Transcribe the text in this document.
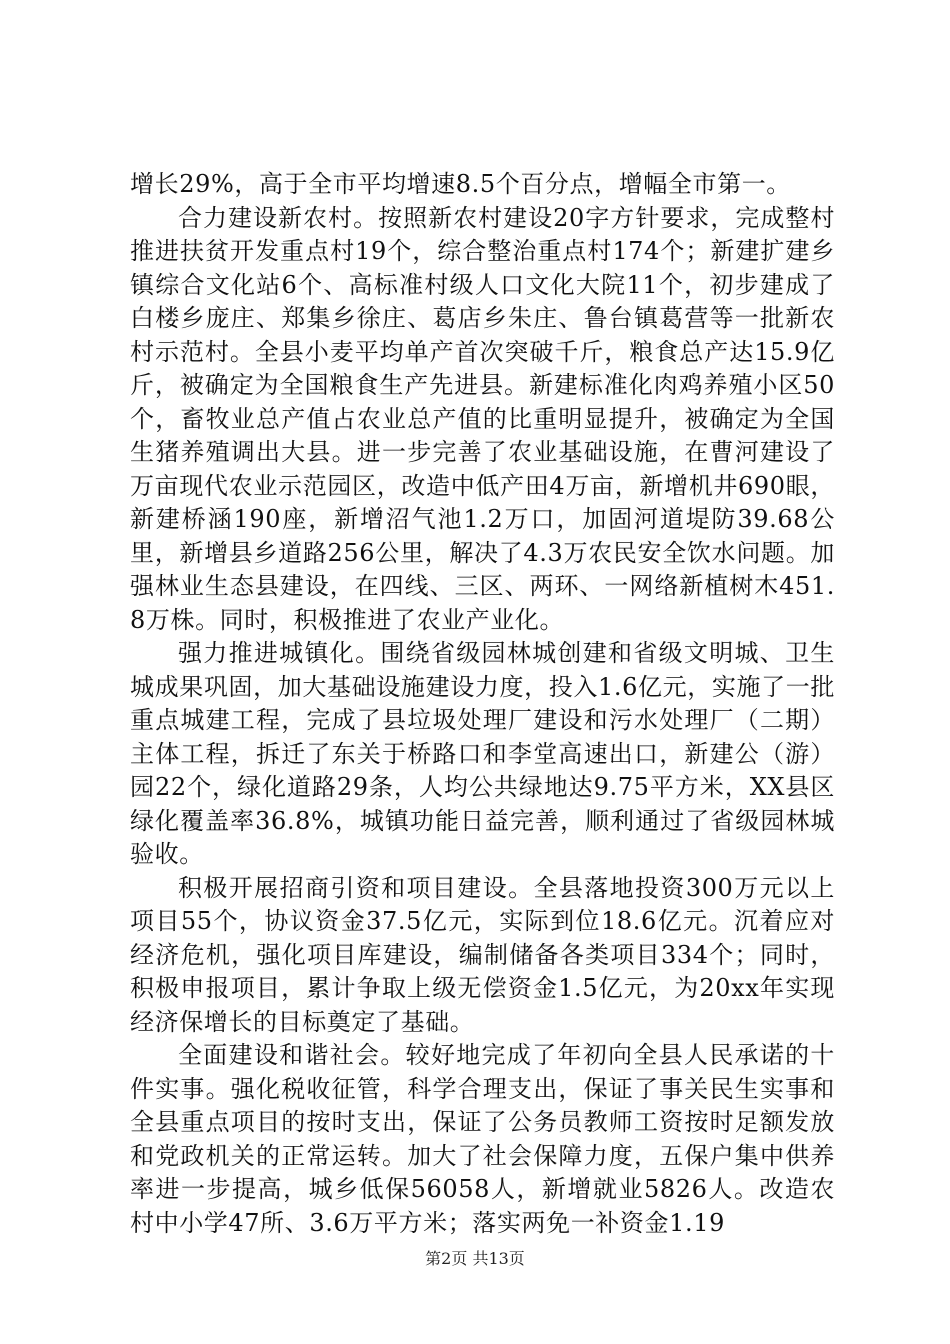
增长29%，高于全市平均增速8.5个百分点，增幅全市第一。

合力建设新农村。按照新农村建设20字方针要求，完成整村推进扶贫开发重点村19个，综合整治重点村174个；新建扩建乡镇综合文化站6个、高标准村级人口文化大院11个，初步建成了白楼乡庞庄、郑集乡徐庄、葛店乡朱庄、鲁台镇葛营等一批新农村示范村。全县小麦平均单产首次突破千斤，粮食总产达15.9亿斤，被确定为全国粮食生产先进县。新建标准化肉鸡养殖小区50个，畜牧业总产值占农业总产值的比重明显提升，被确定为全国生猪养殖调出大县。进一步完善了农业基础设施，在曹河建设了万亩现代农业示范园区，改造中低产田4万亩，新增机井690眼，新建桥涵190座，新增沼气池1.2万口，加固河道堤防39.68公里，新增县乡道路256公里，解决了4.3万农民安全饮水问题。加强林业生态县建设，在四线、三区、两环、一网络新植树木451.8万株。同时，积极推进了农业产业化。

强力推进城镇化。围绕省级园林城创建和省级文明城、卫生城成果巩固，加大基础设施建设力度，投入1.6亿元，实施了一批重点城建工程，完成了县垃圾处理厂建设和污水处理厂（二期）主体工程，拆迁了东关于桥路口和李堂高速出口，新建公（游）园22个，绿化道路29条，人均公共绿地达9.75平方米，XX县区绿化覆盖率36.8%，城镇功能日益完善，顺利通过了省级园林城验收。

积极开展招商引资和项目建设。全县落地投资300万元以上项目55个，协议资金37.5亿元，实际到位18.6亿元。沉着应对经济危机，强化项目库建设，编制储备各类项目334个；同时，积极申报项目，累计争取上级无偿资金1.5亿元，为20xx年实现经济保增长的目标奠定了基础。

全面建设和谐社会。较好地完成了年初向全县人民承诺的十件实事。强化税收征管，科学合理支出，保证了事关民生实事和全县重点项目的按时支出，保证了公务员教师工资按时足额发放和党政机关的正常运转。加大了社会保障力度，五保户集中供养率进一步提高，城乡低保56058人，新增就业5826人。改造农村中小学47所、3.6万平方米；落实两免一补资金1.19

第2页 共13页
